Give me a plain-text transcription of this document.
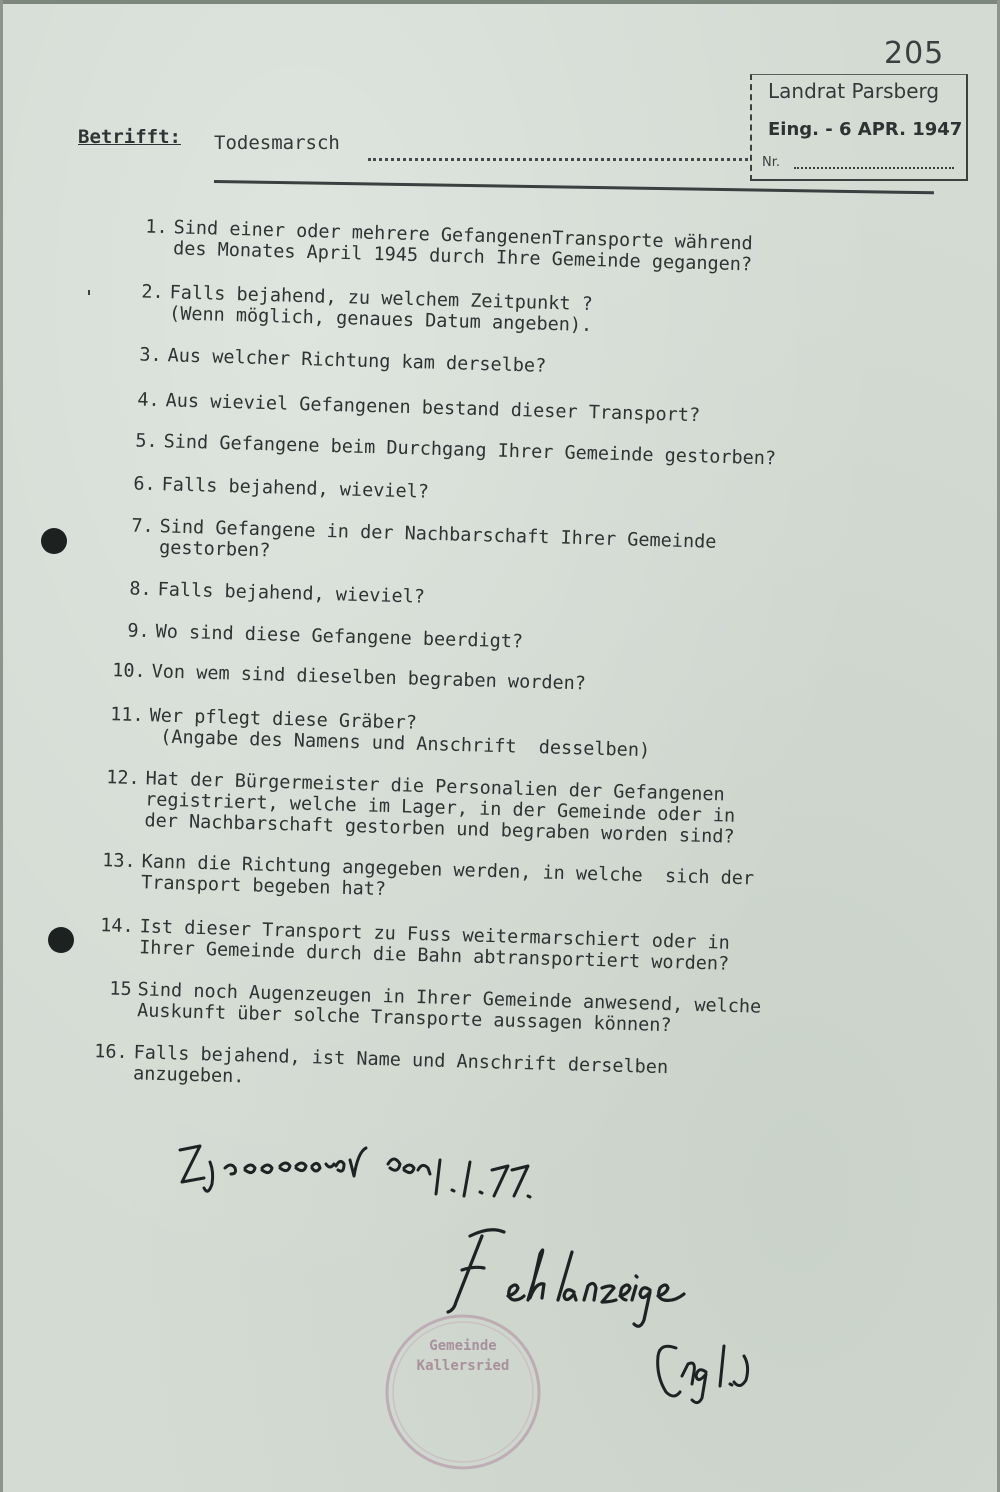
205
Landrat Parsberg
Eing. - 6 APR. 1947
Nr.
Betrifft: Todesmarsch
1. Sind einer oder mehrere GefangenenTransporte während
des Monates April 1945 durch Ihre Gemeinde gegangen?
2. Falls bejahend, zu welchem Zeitpunkt ?
(Wenn möglich, genaues Datum angeben).
3. Aus welcher Richtung kam derselbe?
4. Aus wieviel Gefangenen bestand dieser Transport?
5. Sind Gefangene beim Durchgang Ihrer Gemeinde gestorben?
6. Falls bejahend, wieviel?
7. Sind Gefangene in der Nachbarschaft Ihrer Gemeinde
gestorben?
8. Falls bejahend, wieviel?
9. Wo sind diese Gefangene beerdigt?
10. Von wem sind dieselben begraben worden?
11. Wer pflegt diese Gräber?
(Angabe des Namens und Anschrift  desselben)
12. Hat der Bürgermeister die Personalien der Gefangenen
registriert, welche im Lager, in der Gemeinde oder in
der Nachbarschaft gestorben und begraben worden sind?
13. Kann die Richtung angegeben werden, in welche  sich der
Transport begeben hat?
14. Ist dieser Transport zu Fuss weitermarschiert oder in
Ihrer Gemeinde durch die Bahn abtransportiert worden?
15 Sind noch Augenzeugen in Ihrer Gemeinde anwesend, welche
Auskunft über solche Transporte aussagen können?
16. Falls bejahend, ist Name und Anschrift derselben
anzugeben.
Gemeinde
Kallersried
